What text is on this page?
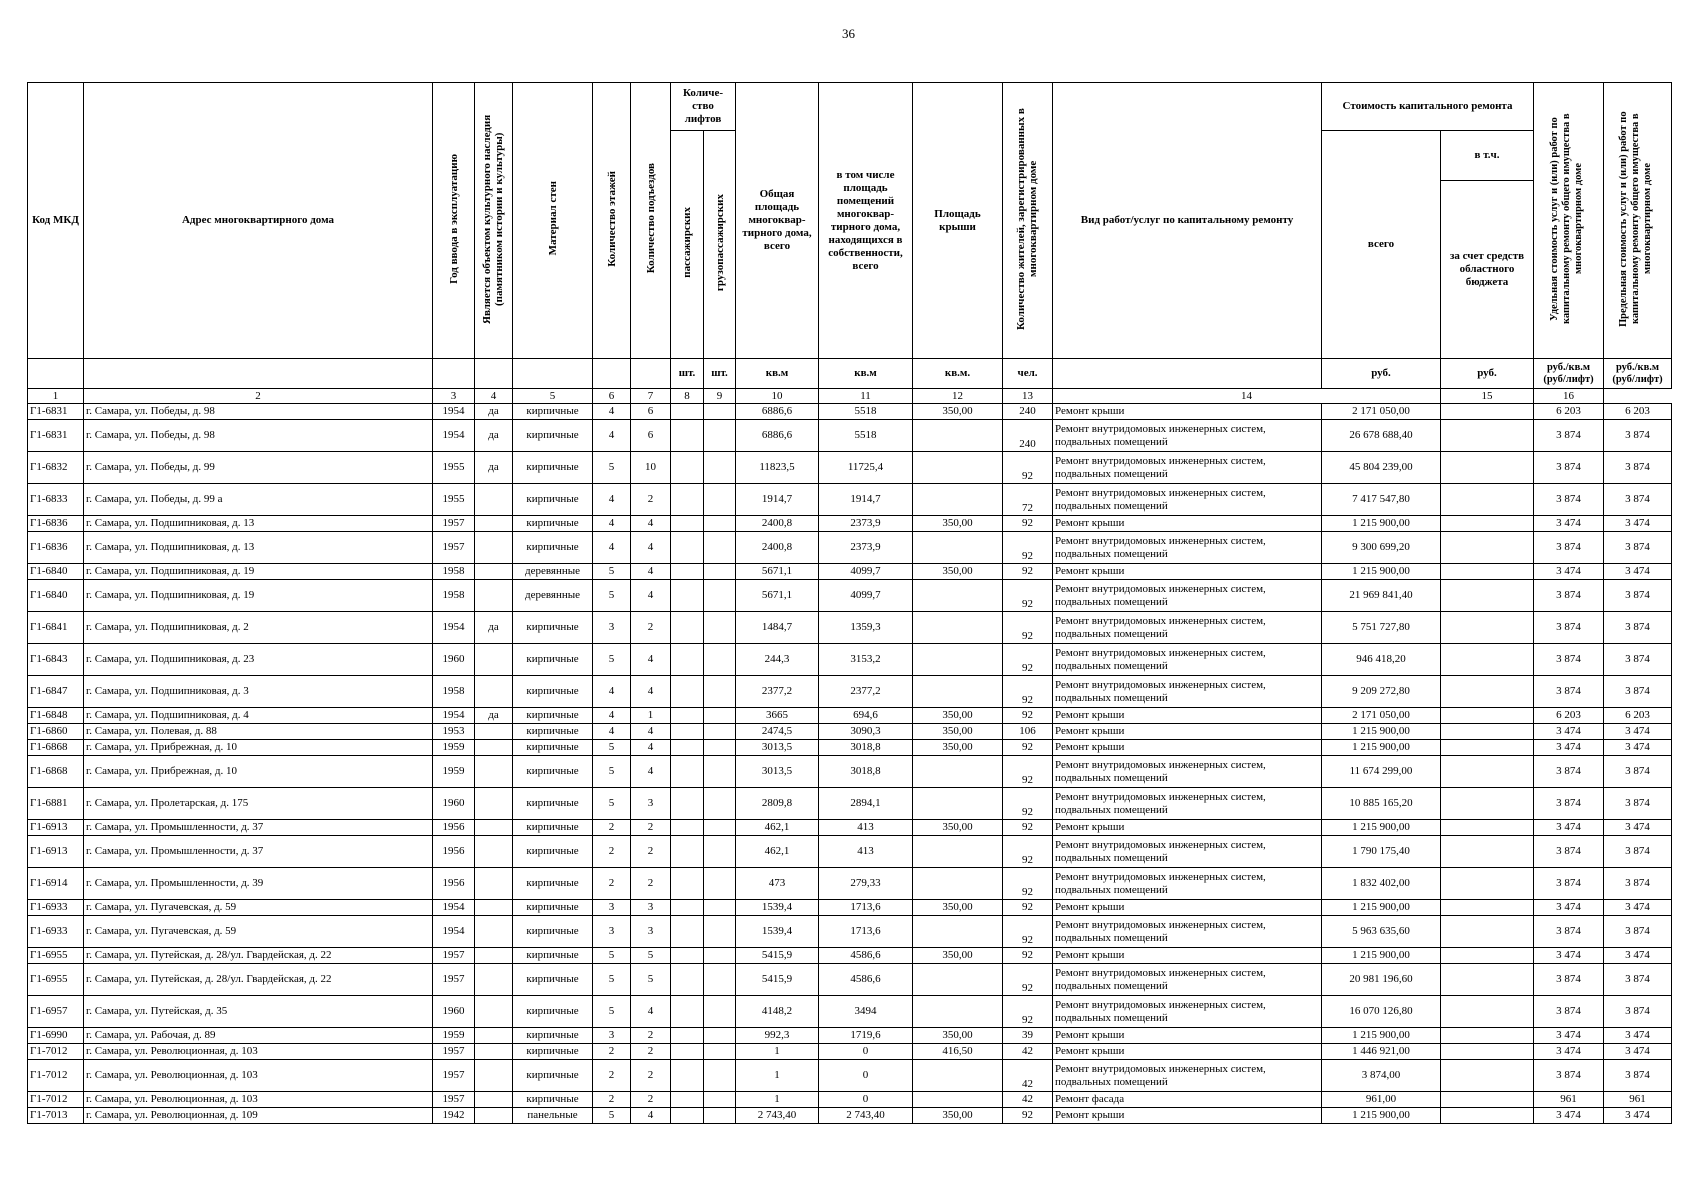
36
Код МКД	Адрес многоквартирного дома	Год ввода в эксплуатацию	Является объектом культурного наследия (памятником истории и культуры)	Материал стен	Количество этажей	Количество подъездов	Количе-ство лифтов		Общая площадь многоквар-тирного дома, всего	в том числе площадь помещений многоквар-тирного дома, находящихся в собственности, всего	Площадь крыши	Количество жителей, зарегистрированных в многоквартирном доме	Вид работ/услуг по капитальному ремонту	Стоимость капитального ремонта		Удельная стоимость услуг и (или) работ по капитальному ремонту общего имущества в многоквартирном доме	Предельная стоимость услуг и (или) работ по капитальному ремонту общего имущества в многоквартирном доме
							пассажирских	грузопассажирских						всего	в т.ч.		
															за счет средств областного бюджета		
							шт.	шт.	кв.м	кв.м	кв.м.	чел.		руб.	руб.	руб./кв.м (руб/лифт)	руб./кв.м (руб/лифт)
1	2	3	4	5	6	7	8	9	10	11	12	13	14		15	16	
Г1-6831	г. Самара, ул. Победы, д. 98	1954	да	кирпичные	4	6			6886,6	5518	350,00	240	Ремонт крыши	2 171 050,00		6 203	6 203
Г1-6831	г. Самара, ул. Победы, д. 98	1954	да	кирпичные	4	6			6886,6	5518		240	Ремонт внутридомовых инженерных систем, подвальных помещений	26 678 688,40		3 874	3 874
Г1-6832	г. Самара, ул. Победы, д. 99	1955	да	кирпичные	5	10			11823,5	11725,4		92	Ремонт внутридомовых инженерных систем, подвальных помещений	45 804 239,00		3 874	3 874
Г1-6833	г. Самара, ул. Победы, д. 99 а	1955		кирпичные	4	2			1914,7	1914,7		72	Ремонт внутридомовых инженерных систем, подвальных помещений	7 417 547,80		3 874	3 874
Г1-6836	г. Самара, ул. Подшипниковая, д. 13	1957		кирпичные	4	4			2400,8	2373,9	350,00	92	Ремонт крыши	1 215 900,00		3 474	3 474
Г1-6836	г. Самара, ул. Подшипниковая, д. 13	1957		кирпичные	4	4			2400,8	2373,9		92	Ремонт внутридомовых инженерных систем, подвальных помещений	9 300 699,20		3 874	3 874
Г1-6840	г. Самара, ул. Подшипниковая, д. 19	1958		деревянные	5	4			5671,1	4099,7	350,00	92	Ремонт крыши	1 215 900,00		3 474	3 474
Г1-6840	г. Самара, ул. Подшипниковая, д. 19	1958		деревянные	5	4			5671,1	4099,7		92	Ремонт внутридомовых инженерных систем, подвальных помещений	21 969 841,40		3 874	3 874
Г1-6841	г. Самара, ул. Подшипниковая, д. 2	1954	да	кирпичные	3	2			1484,7	1359,3		92	Ремонт внутридомовых инженерных систем, подвальных помещений	5 751 727,80		3 874	3 874
Г1-6843	г. Самара, ул. Подшипниковая, д. 23	1960		кирпичные	5	4			244,3	3153,2		92	Ремонт внутридомовых инженерных систем, подвальных помещений	946 418,20		3 874	3 874
Г1-6847	г. Самара, ул. Подшипниковая, д. 3	1958		кирпичные	4	4			2377,2	2377,2		92	Ремонт внутридомовых инженерных систем, подвальных помещений	9 209 272,80		3 874	3 874
Г1-6848	г. Самара, ул. Подшипниковая, д. 4	1954	да	кирпичные	4	1			3665	694,6	350,00	92	Ремонт крыши	2 171 050,00		6 203	6 203
Г1-6860	г. Самара, ул. Полевая, д. 88	1953		кирпичные	4	4			2474,5	3090,3	350,00	106	Ремонт крыши	1 215 900,00		3 474	3 474
Г1-6868	г. Самара, ул. Прибрежная, д. 10	1959		кирпичные	5	4			3013,5	3018,8	350,00	92	Ремонт крыши	1 215 900,00		3 474	3 474
Г1-6868	г. Самара, ул. Прибрежная, д. 10	1959		кирпичные	5	4			3013,5	3018,8		92	Ремонт внутридомовых инженерных систем, подвальных помещений	11 674 299,00		3 874	3 874
Г1-6881	г. Самара, ул. Пролетарская, д. 175	1960		кирпичные	5	3			2809,8	2894,1		92	Ремонт внутридомовых инженерных систем, подвальных помещений	10 885 165,20		3 874	3 874
Г1-6913	г. Самара, ул. Промышленности, д. 37	1956		кирпичные	2	2			462,1	413	350,00	92	Ремонт крыши	1 215 900,00		3 474	3 474
Г1-6913	г. Самара, ул. Промышленности, д. 37	1956		кирпичные	2	2			462,1	413		92	Ремонт внутридомовых инженерных систем, подвальных помещений	1 790 175,40		3 874	3 874
Г1-6914	г. Самара, ул. Промышленности, д. 39	1956		кирпичные	2	2			473	279,33		92	Ремонт внутридомовых инженерных систем, подвальных помещений	1 832 402,00		3 874	3 874
Г1-6933	г. Самара, ул. Пугачевская, д. 59	1954		кирпичные	3	3			1539,4	1713,6	350,00	92	Ремонт крыши	1 215 900,00		3 474	3 474
Г1-6933	г. Самара, ул. Пугачевская, д. 59	1954		кирпичные	3	3			1539,4	1713,6		92	Ремонт внутридомовых инженерных систем, подвальных помещений	5 963 635,60		3 874	3 874
Г1-6955	г. Самара, ул. Путейская, д. 28/ул. Гвардейская, д. 22	1957		кирпичные	5	5			5415,9	4586,6	350,00	92	Ремонт крыши	1 215 900,00		3 474	3 474
Г1-6955	г. Самара, ул. Путейская, д. 28/ул. Гвардейская, д. 22	1957		кирпичные	5	5			5415,9	4586,6		92	Ремонт внутридомовых инженерных систем, подвальных помещений	20 981 196,60		3 874	3 874
Г1-6957	г. Самара, ул. Путейская, д. 35	1960		кирпичные	5	4			4148,2	3494		92	Ремонт внутридомовых инженерных систем, подвальных помещений	16 070 126,80		3 874	3 874
Г1-6990	г. Самара, ул. Рабочая, д. 89	1959		кирпичные	3	2			992,3	1719,6	350,00	39	Ремонт крыши	1 215 900,00		3 474	3 474
Г1-7012	г. Самара, ул. Революционная, д. 103	1957		кирпичные	2	2			1	0	416,50	42	Ремонт крыши	1 446 921,00		3 474	3 474
Г1-7012	г. Самара, ул. Революционная, д. 103	1957		кирпичные	2	2			1	0		42	Ремонт внутридомовых инженерных систем, подвальных помещений	3 874,00		3 874	3 874
Г1-7012	г. Самара, ул. Революционная, д. 103	1957		кирпичные	2	2			1	0		42	Ремонт фасада	961,00		961	961
Г1-7013	г. Самара, ул. Революционная, д. 109	1942		панельные	5	4			2 743,40	2 743,40	350,00	92	Ремонт крыши	1 215 900,00		3 474	3 474
